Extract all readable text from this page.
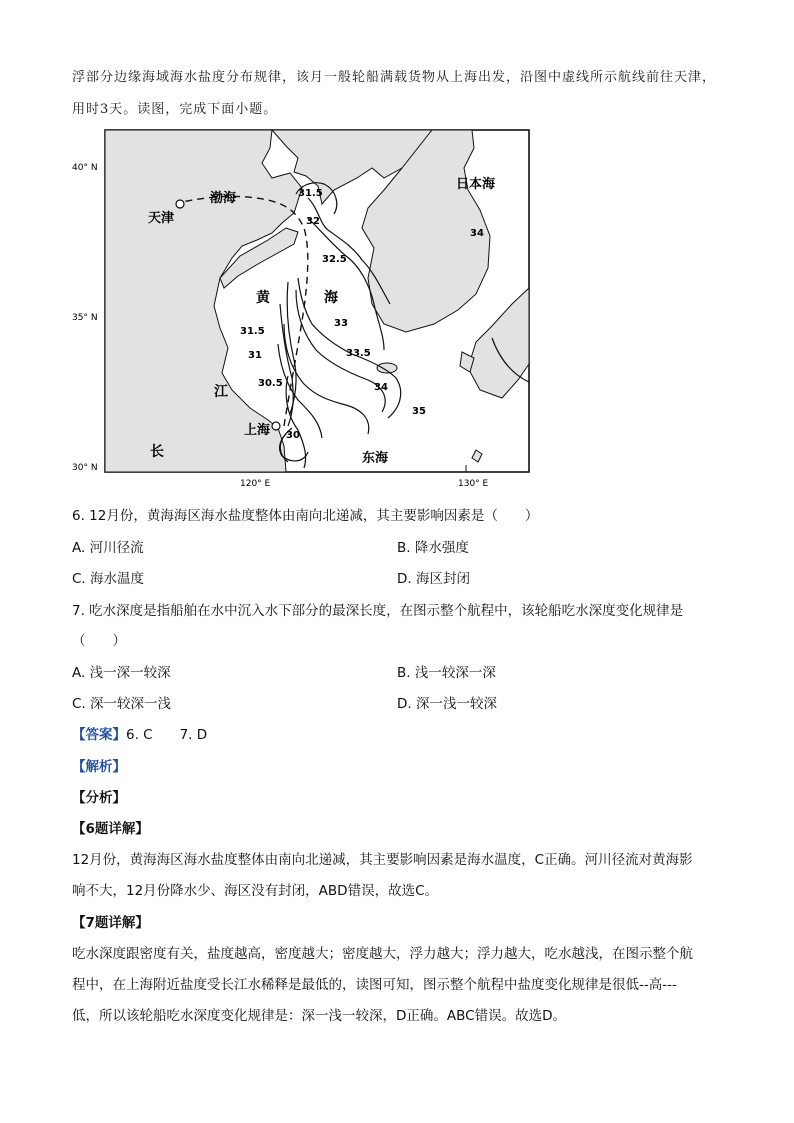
浮部分边缘海域海水盐度分布规律，该月一般轮船满载货物从上海出发，沿图中虚线所示航线前往天津，
用时3天。读图，完成下面小题。
40° N
35° N
30° N
120° E	130° E
天津
渤海
日本海
黄	海
江
长
上海
东海
31.5
32
32.5
33
33.5
34
35
34
31.5
31
30.5
30
6. 12月份，黄海海区海水盐度整体由南向北递减，其主要影响因素是（　　）
A. 河川径流	B. 降水强度
C. 海水温度	D. 海区封闭
7. 吃水深度是指船舶在水中沉入水下部分的最深长度，在图示整个航程中，该轮船吃水深度变化规律是
（　　）
A. 浅一深一较深	B. 浅一较深一深
C. 深一较深一浅	D. 深一浅一较深
【答案】6. C　　7. D
【解析】
【分析】
【6题详解】
12月份，黄海海区海水盐度整体由南向北递减，其主要影响因素是海水温度，C正确。河川径流对黄海影
响不大，12月份降水少、海区没有封闭，ABD错误，故选C。
【7题详解】
吃水深度跟密度有关，盐度越高，密度越大；密度越大，浮力越大；浮力越大，吃水越浅，在图示整个航
程中，在上海附近盐度受长江水稀释是最低的，读图可知，图示整个航程中盐度变化规律是很低--高---
低，所以该轮船吃水深度变化规律是：深一浅一较深，D正确。ABC错误。故选D。
